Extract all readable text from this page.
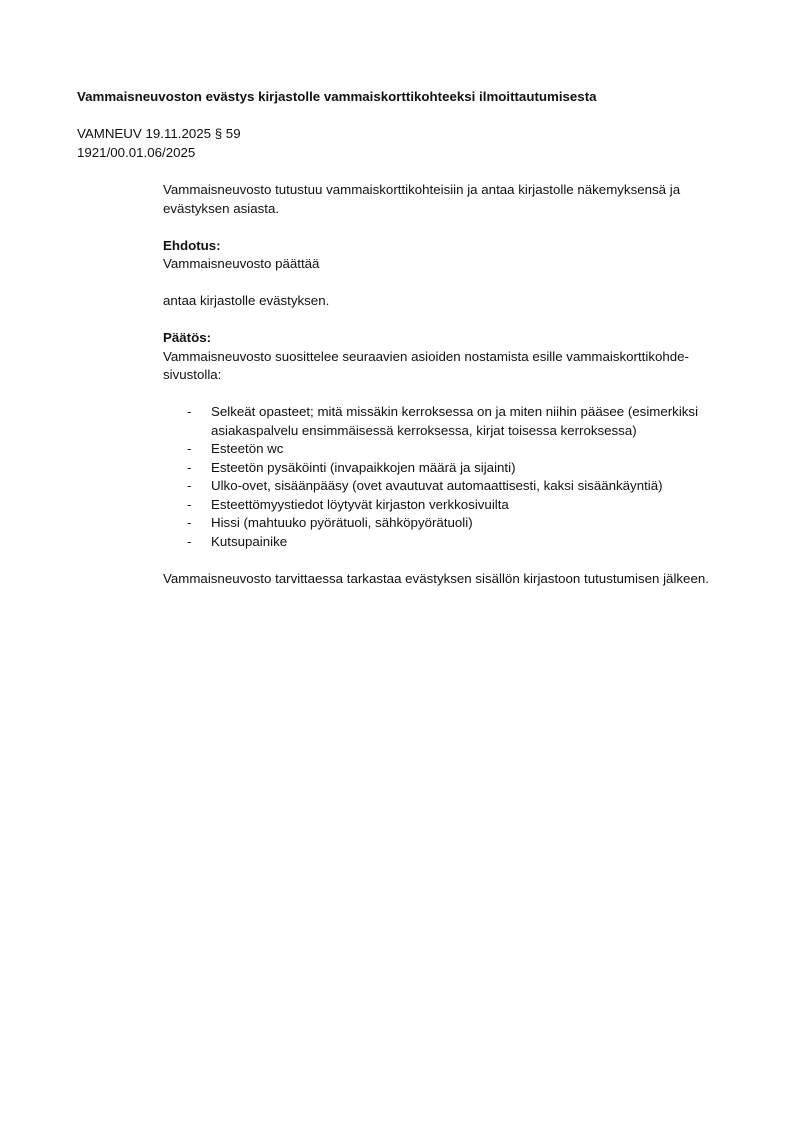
Vammaisneuvoston evästys kirjastolle vammaiskorttikohteeksi ilmoittautumisesta
VAMNEUV 19.11.2025 § 59
1921/00.01.06/2025

Vammaisneuvosto tutustuu vammaiskorttikohteisiin ja antaa kirjastolle näkemyksensä ja evästyksen asiasta.

Ehdotus:

Vammaisneuvosto päättää

antaa kirjastolle evästyksen.

Päätös:

Vammaisneuvosto suosittelee seuraavien asioiden nostamista esille vammaiskorttikohde-sivustolla:

- Selkeät opasteet; mitä missäkin kerroksessa on ja miten niihin pääsee (esimerkiksi asiakaspalvelu ensimmäisessä kerroksessa, kirjat toisessa kerroksessa)
- Esteetön wc
- Esteetön pysäköinti (invapaikkojen määrä ja sijainti)
- Ulko-ovet, sisäänpääsy (ovet avautuvat automaattisesti, kaksi sisäänkäyntiä)
- Esteettömyystiedot löytyvät kirjaston verkkosivuilta
- Hissi (mahtuuko pyörätuoli, sähköpyörätuoli)
- Kutsupainike

Vammaisneuvosto tarvittaessa tarkastaa evästyksen sisällön kirjastoon tutustumisen jälkeen.
